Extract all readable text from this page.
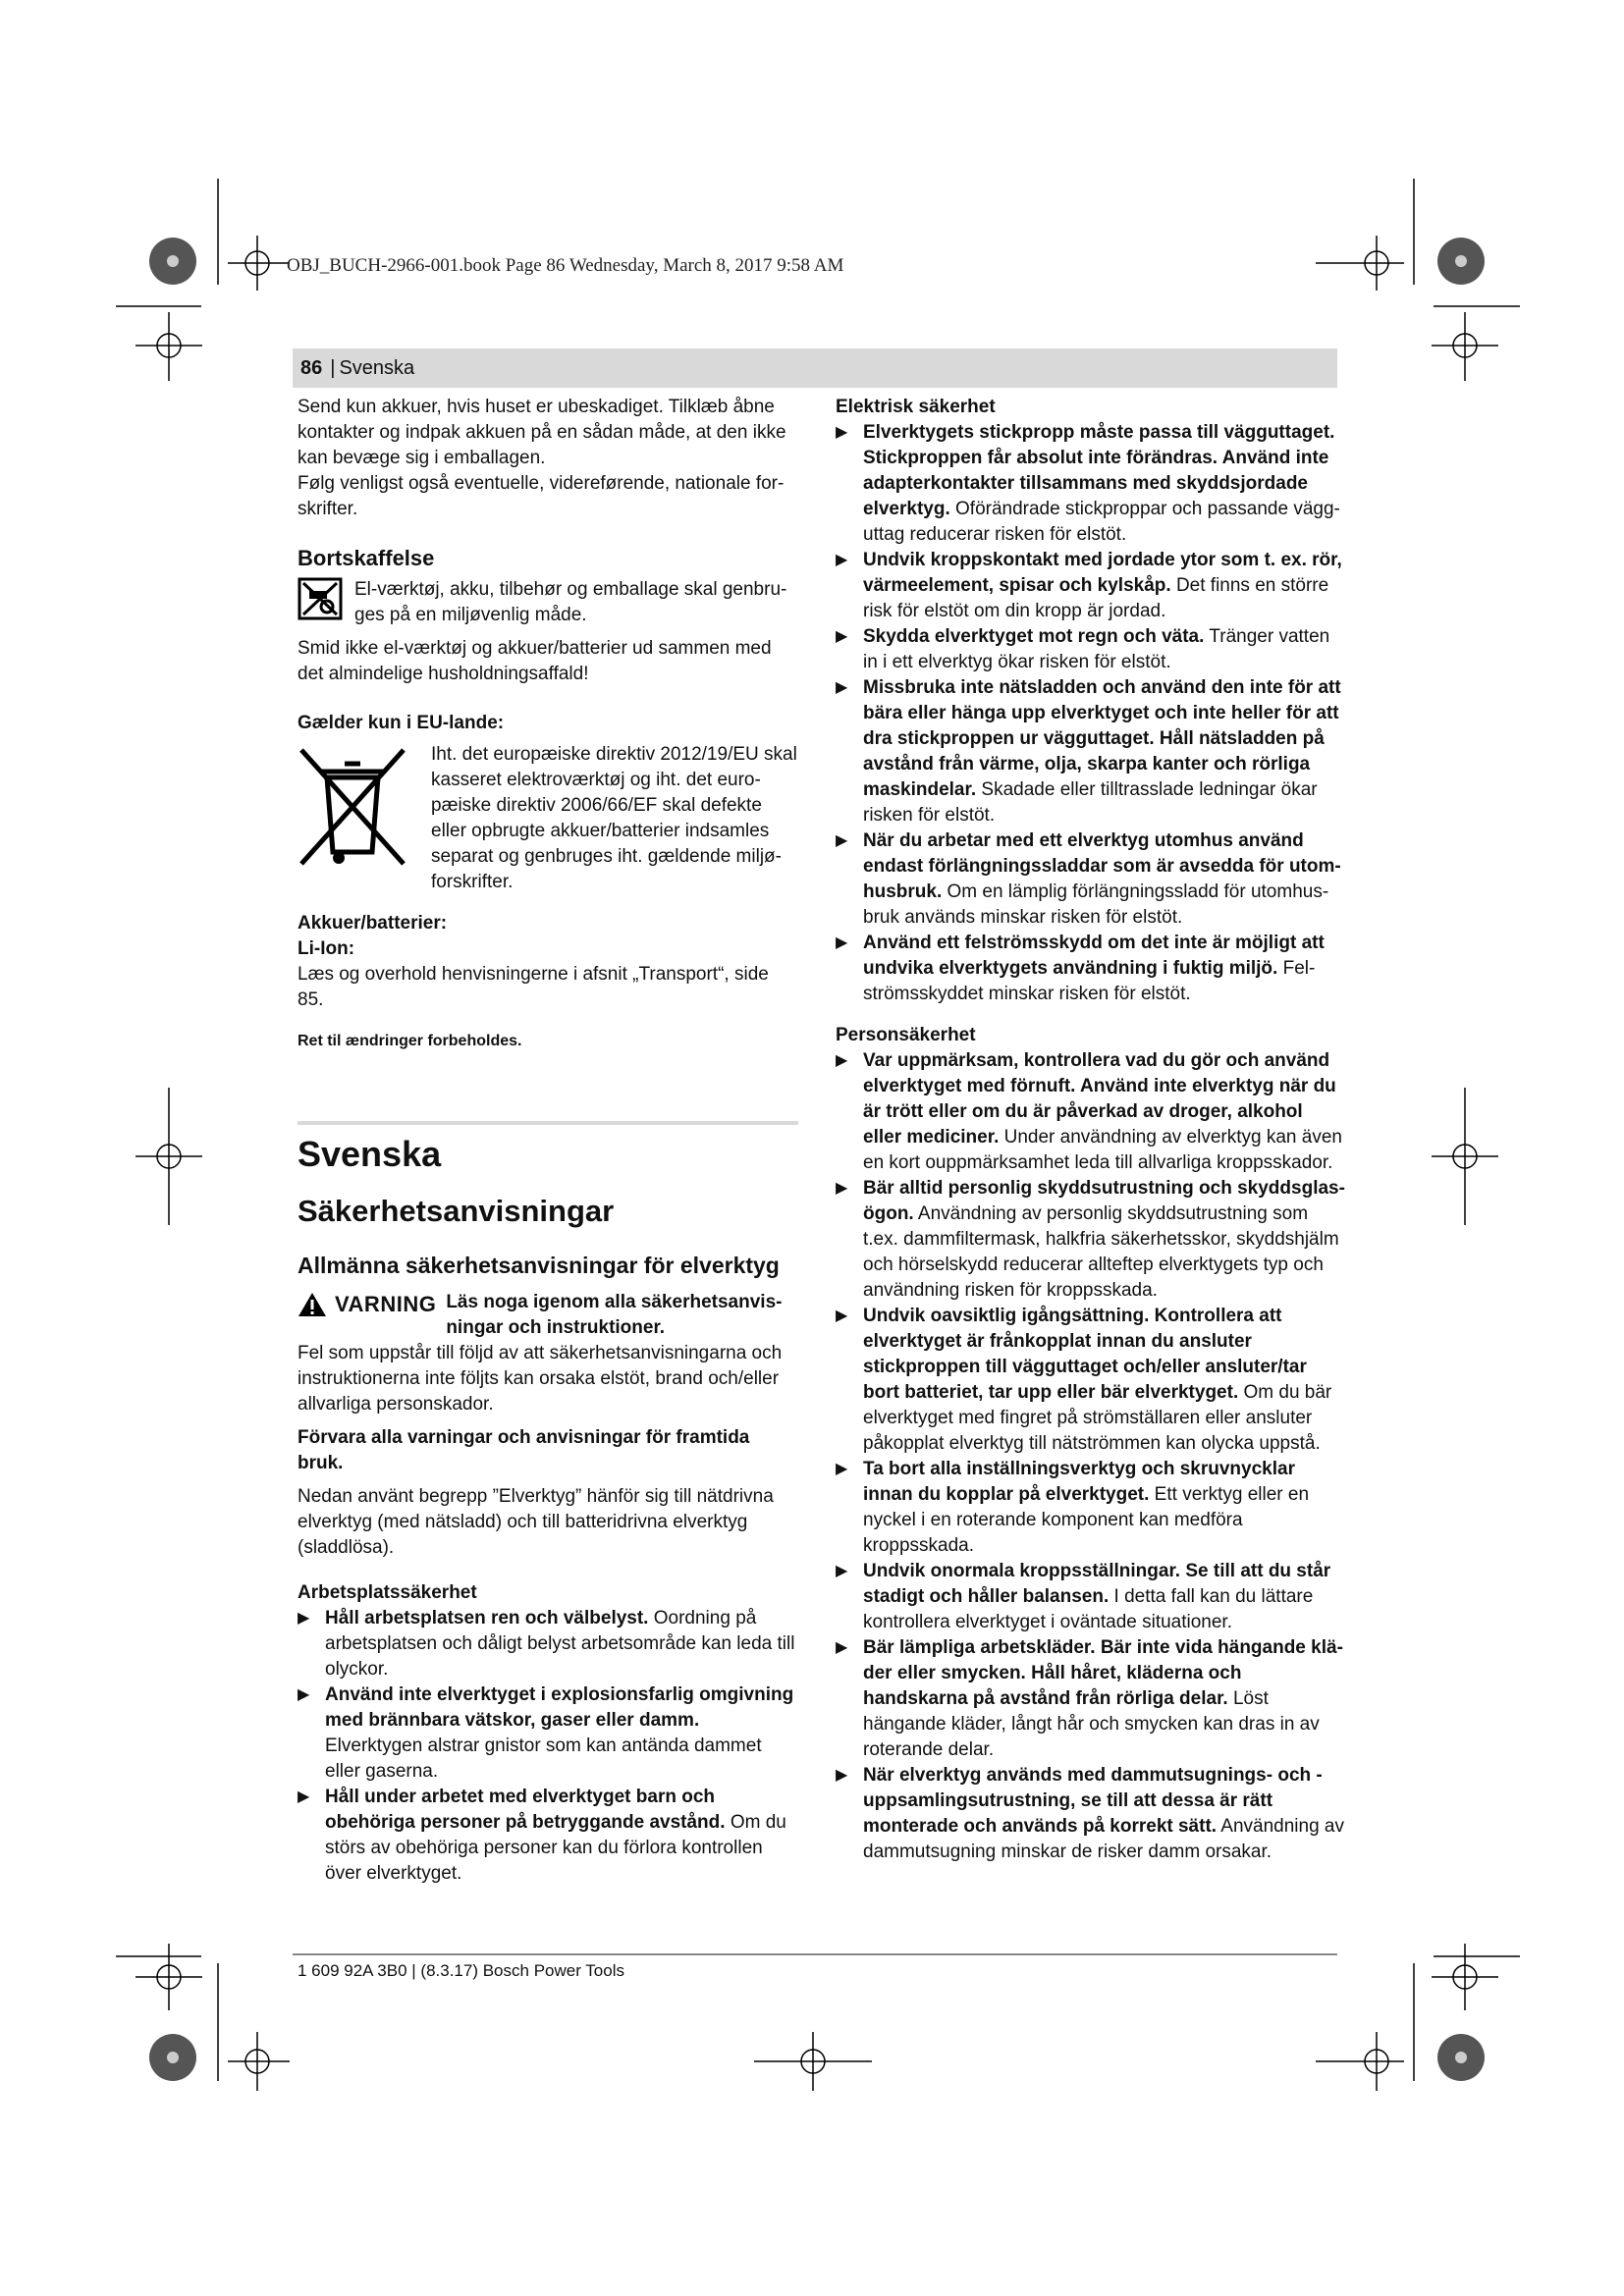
OBJ_BUCH-2966-001.book Page 86 Wednesday, March 8, 2017 9:58 AM
86 | Svenska

Send kun akkuer, hvis huset er ubeskadiget. Tilklæb åbne kontakter og indpak akkuen på en sådan måde, at den ikke kan bevæge sig i emballagen.

Følg venligst også eventuelle, videreførende, nationale forskrifter.

Bortskaffelse

El-værktøj, akku, tilbehør og emballage skal genbruges på en miljøvenlig måde.

Smid ikke el-værktøj og akkuer/batterier ud sammen med det almindelige husholdningsaffald!

Gælder kun i EU-lande:

Iht. det europæiske direktiv 2012/19/EU skal kasseret elektroværktøj og iht. det europæiske direktiv 2006/66/EF skal defekte eller opbrugte akkuer/batterier indsamles separat og genbruges iht. gældende miljøforskrifter.

Akkuer/batterier:

Li-Ion:

Læs og overhold henvisningerne i afsnit „Transport“, side 85.

Ret til ændringer forbeholdes.

Svenska

Säkerhetsanvisningar

Allmänna säkerhetsanvisningar för elverktyg

VARNING Läs noga igenom alla säkerhetsanvisningar och instruktioner.

Fel som uppstår till följd av att säkerhetsanvisningarna och instruktionerna inte följts kan orsaka elstöt, brand och/eller allvarliga personskador.

Förvara alla varningar och anvisningar för framtida bruk.

Nedan använt begrepp ”Elverktyg” hänför sig till nätdrivna elverktyg (med nätsladd) och till batteridrivna elverktyg (sladdlösa).

Arbetsplatssäkerhet

▶ Håll arbetsplatsen ren och välbelyst. Oordning på arbetsplatsen och dåligt belyst arbetsområde kan leda till olyckor.
▶ Använd inte elverktyget i explosionsfarlig omgivning med brännbara vätskor, gaser eller damm. Elverktygen alstrar gnistor som kan antända dammet eller gaserna.
▶ Håll under arbetet med elverktyget barn och obehöriga personer på betryggande avstånd. Om du störs av obehöriga personer kan du förlora kontrollen över elverktyget.

Elektrisk säkerhet

▶ Elverktygets stickpropp måste passa till vägguttaget. Stickproppen får absolut inte förändras. Använd inte adapterkontakter tillsammans med skyddsjordade elverktyg. Oförändrade stickproppar och passande vägguttag reducerar risken för elstöt.
▶ Undvik kroppskontakt med jordade ytor som t. ex. rör, värmeelement, spisar och kylskåp. Det finns en större risk för elstöt om din kropp är jordad.
▶ Skydda elverktyget mot regn och väta. Tränger vatten in i ett elverktyg ökar risken för elstöt.
▶ Missbruka inte nätsladden och använd den inte för att bära eller hänga upp elverktyget och inte heller för att dra stickproppen ur vägguttaget. Håll nätsladden på avstånd från värme, olja, skarpa kanter och rörliga maskindelar. Skadade eller tilltrasslade ledningar ökar risken för elstöt.
▶ När du arbetar med ett elverktyg utomhus använd endast förlängningssladdar som är avsedda för utomhusbruk. Om en lämplig förlängningssladd för utomhusbruk används minskar risken för elstöt.
▶ Använd ett felströmsskydd om det inte är möjligt att undvika elverktygets användning i fuktig miljö. Felströmsskyddet minskar risken för elstöt.

Personsäkerhet

▶ Var uppmärksam, kontrollera vad du gör och använd elverktyget med förnuft. Använd inte elverktyg när du är trött eller om du är påverkad av droger, alkohol eller mediciner. Under användning av elverktyg kan även en kort ouppmärksamhet leda till allvarliga kroppsskador.
▶ Bär alltid personlig skyddsutrustning och skyddsglasögon. Användning av personlig skyddsutrustning som t.ex. dammfiltermask, halkfria säkerhetsskor, skyddshjälm och hörselskydd reducerar allteftер elverktygets typ och användning risken för kroppsskada.
▶ Undvik oavsiktlig igångsättning. Kontrollera att elverktyget är frånkopplat innan du ansluter stickproppen till vägguttaget och/eller ansluter/tar bort batteriet, tar upp eller bär elverktyget. Om du bär elverktyget med fingret på strömställaren eller ansluter påkopplat elverktyg till nätströmmen kan olycka uppstå.
▶ Ta bort alla inställningsverktyg och skruvnycklar innan du kopplar på elverktyget. Ett verktyg eller en nyckel i en roterande komponent kan medföra kroppsskada.
▶ Undvik onormala kroppsställningar. Se till att du står stadigt och håller balansen. I detta fall kan du lättare kontrollera elverktyget i oväntade situationer.
▶ Bär lämpliga arbetskläder. Bär inte vida hängande kläder eller smycken. Håll håret, kläderna och handskarna på avstånd från rörliga delar. Löst hängande kläder, långt hår och smycken kan dras in av roterande delar.
▶ När elverktyg används med dammutsugnings- och -uppsamlingsutrustning, se till att dessa är rätt monterade och används på korrekt sätt. Användning av dammutsugning minskar de risker damm orsakar.
1 609 92A 3B0 | (8.3.17) Bosch Power Tools
